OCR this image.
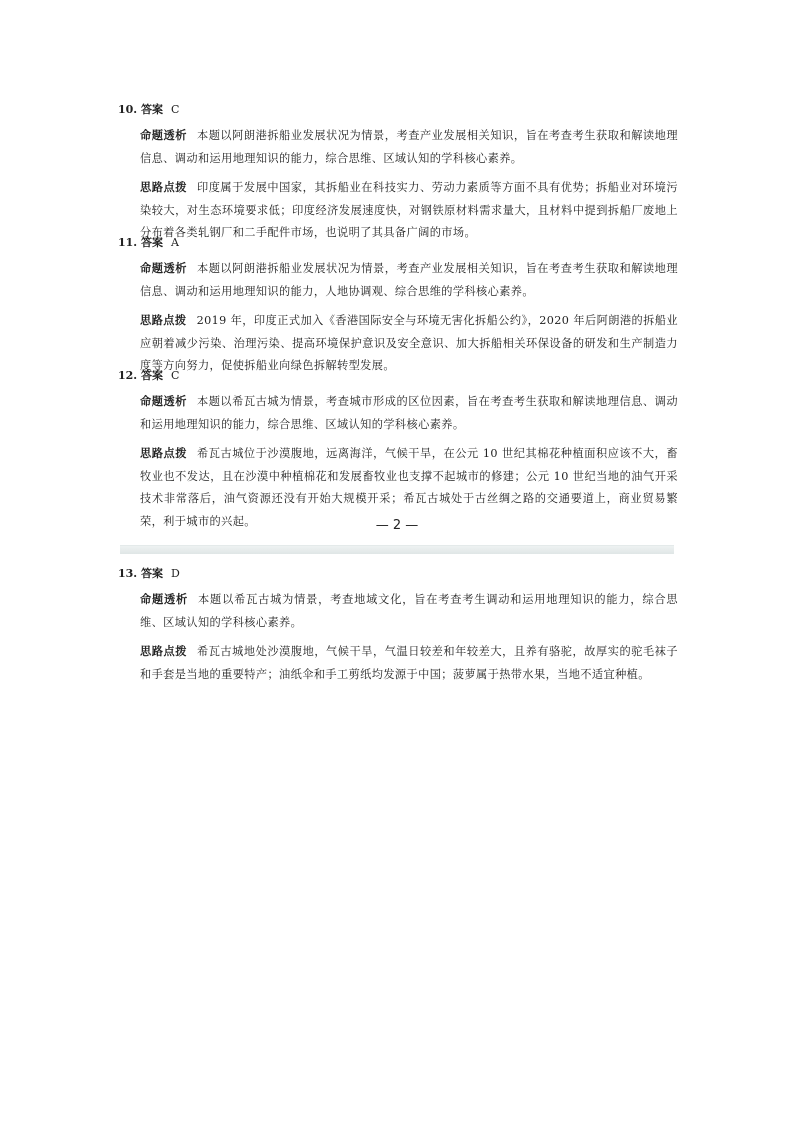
10. 答案 C
命题透析 本题以阿朗港拆船业发展状况为情景，考查产业发展相关知识，旨在考查考生获取和解读地理信息、调动和运用地理知识的能力，综合思维、区域认知的学科核心素养。
思路点拨 印度属于发展中国家，其拆船业在科技实力、劳动力素质等方面不具有优势；拆船业对环境污染较大，对生态环境要求低；印度经济发展速度快，对钢铁原材料需求量大，且材料中提到拆船厂废地上分布着各类轧钢厂和二手配件市场，也说明了其具备广阔的市场。
11. 答案 A
命题透析 本题以阿朗港拆船业发展状况为情景，考查产业发展相关知识，旨在考查考生获取和解读地理信息、调动和运用地理知识的能力，人地协调观、综合思维的学科核心素养。
思路点拨 2019 年，印度正式加入《香港国际安全与环境无害化拆船公约》，2020 年后阿朗港的拆船业应朝着减少污染、治理污染、提高环境保护意识及安全意识、加大拆船相关环保设备的研发和生产制造力度等方向努力，促使拆船业向绿色拆解转型发展。
12. 答案 C
命题透析 本题以希瓦古城为情景，考查城市形成的区位因素，旨在考查考生获取和解读地理信息、调动和运用地理知识的能力，综合思维、区域认知的学科核心素养。
思路点拨 希瓦古城位于沙漠腹地，远离海洋，气候干旱，在公元 10 世纪其棉花种植面积应该不大，畜牧业也不发达，且在沙漠中种植棉花和发展畜牧业也支撑不起城市的修建；公元 10 世纪当地的油气开采技术非常落后，油气资源还没有开始大规模开采；希瓦古城处于古丝绸之路的交通要道上，商业贸易繁荣，利于城市的兴起。	— 2 —
13. 答案 D
命题透析 本题以希瓦古城为情景，考查地域文化，旨在考查考生调动和运用地理知识的能力，综合思维、区域认知的学科核心素养。
思路点拨 希瓦古城地处沙漠腹地，气候干旱，气温日较差和年较差大，且养有骆驼，故厚实的驼毛袜子和手套是当地的重要特产；油纸伞和手工剪纸均发源于中国；菠萝属于热带水果，当地不适宜种植。
